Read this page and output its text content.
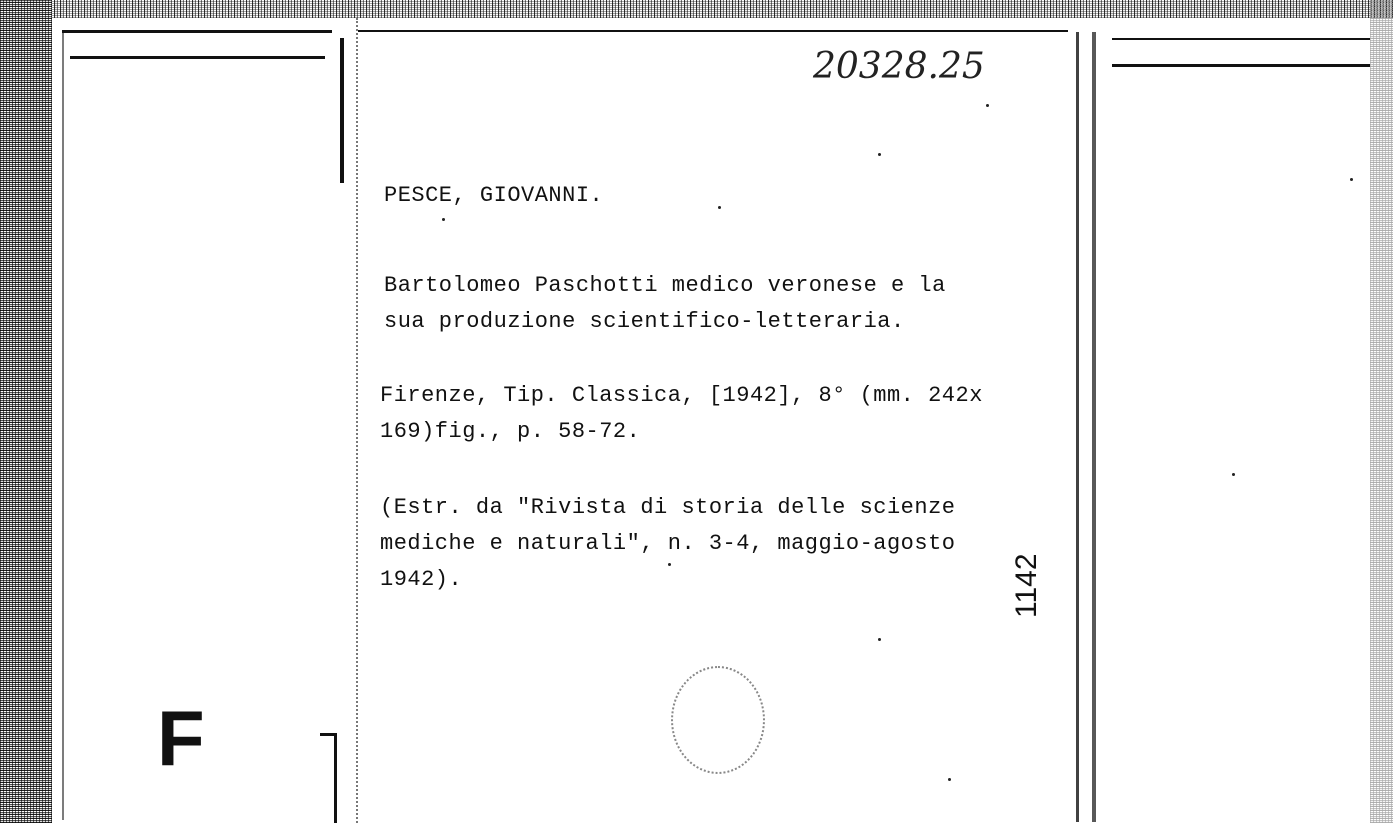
F
20328.25
PESCE, GIOVANNI.
Bartolomeo Paschotti medico veronese e la
sua produzione scientifico-letteraria.
Firenze, Tip. Classica, [1942], 8° (mm. 242x
169)fig., p. 58-72.
(Estr. da "Rivista di storia delle scienze
mediche e naturali", n. 3-4, maggio-agosto
1942).	1142
